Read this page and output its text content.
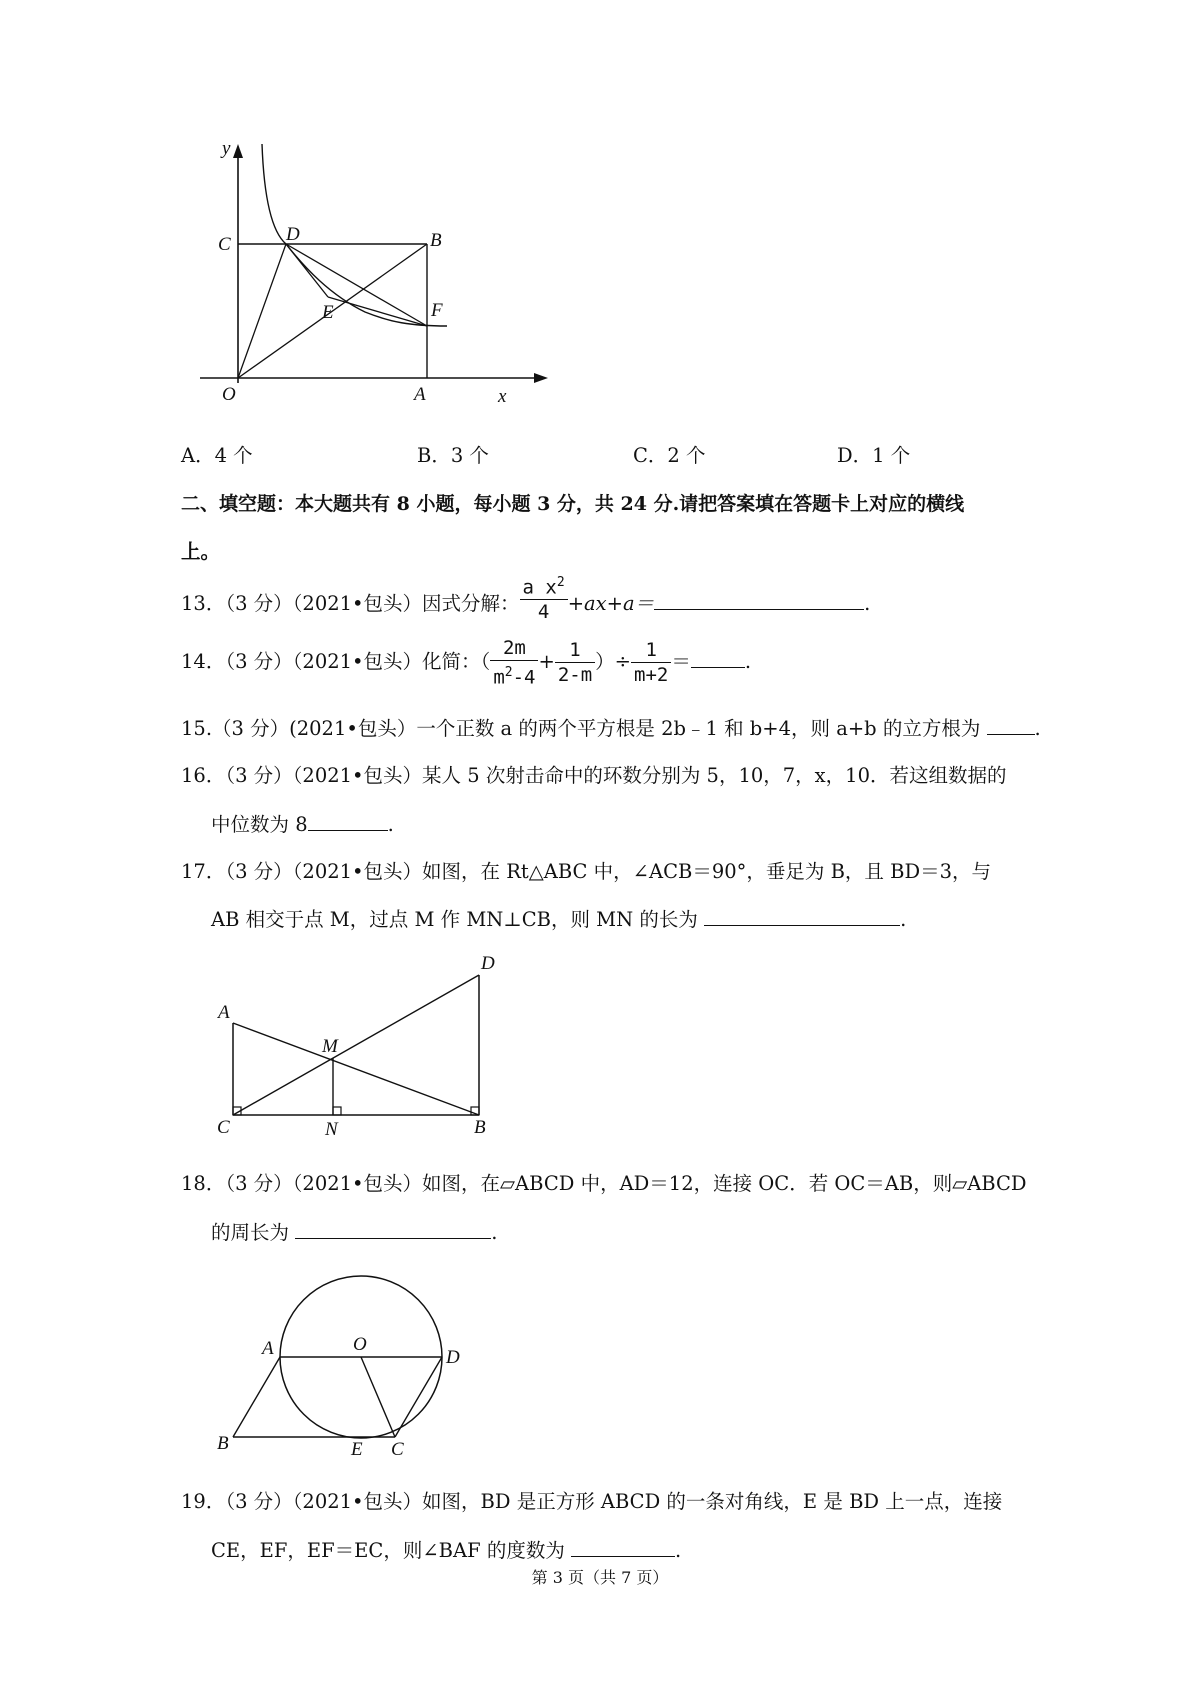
y
C	D	B
E	F
O	A	x
A．4 个	B．3 个	C．2 个	D．1 个
二、填空题：本大题共有 8 小题，每小题 3 分，共 24 分.请把答案填在答题卡上对应的横线
上。
13．（3 分）（2021•包头）因式分解： $\frac{a x^2}{4} +ax+a=$	.
14．（3 分）（2021•包头）化简：（ $\frac{2m}{m^2-4} + \frac{1}{2-m}$ ）÷ $\frac{1}{m+2}$ ＝	.
15.（3 分）(2021•包头）一个正数 a 的两个平方根是 2b﹣1 和 b+4，则 a+b 的立方根为	.
16．（3 分）（2021•包头）某人 5 次射击命中的环数分别为 5，10，7，x，10．若这组数据的
中位数为 8	.
17．（3 分）（2021•包头）如图，在 Rt△ABC 中，∠ACB＝90°，垂足为 B，且 BD＝3，与
AB 相交于点 M，过点 M 作 MN⊥CB，则 MN 的长为	.
D
A
M
C	N	B
18．（3 分）（2021•包头）如图，在▱ABCD 中，AD＝12，连接 OC．若 OC＝AB，则▱ABCD
的周长为	.
A	O
D
B	E C
19．（3 分）（2021•包头）如图，BD 是正方形 ABCD 的一条对角线，E 是 BD 上一点，连接
CE，EF，EF＝EC，则∠BAF 的度数为	.
第 3 页（共 7 页）
